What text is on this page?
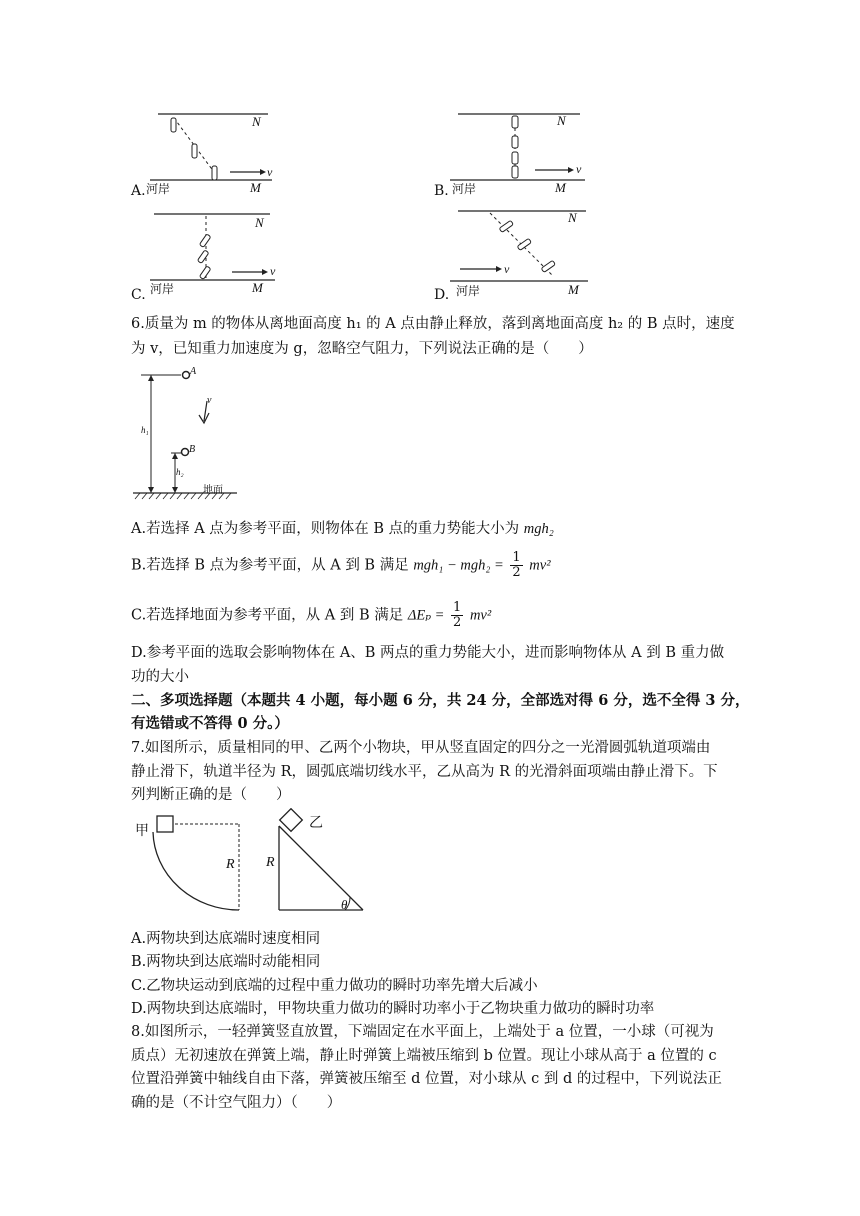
N
v
河岸	M
A.
N
v
河岸	M
B.
N
v
河岸	M
C.
N
v
河岸	M
D.
6.质量为 m 的物体从离地面高度 h₁ 的 A 点由静止释放，落到离地面高度 h₂ 的 B 点时，速度
为 v，已知重力加速度为 g，忽略空气阻力，下列说法正确的是（　　）
A
B
h₁
h₂
v
地面
A.若选择 A 点为参考平面，则物体在 B 点的重力势能大小为 mgh₂
B.若选择 B 点为参考平面，从 A 到 B 满足 $mgh_1 - mgh_2 = \frac{1}{2} mv^2$
C.若选择地面为参考平面，从 A 到 B 满足 $\Delta E_p = \frac{1}{2} mv^2$
D.参考平面的选取会影响物体在 A、B 两点的重力势能大小，进而影响物体从 A 到 B 重力做
功的大小
二、多项选择题（本题共 4 小题，每小题 6 分，共 24 分，全部选对得 6 分，选不全得 3 分，
有选错或不答得 0 分。）
7.如图所示，质量相同的甲、乙两个小物块，甲从竖直固定的四分之一光滑圆弧轨道项端由
静止滑下，轨道半径为 R，圆弧底端切线水平，乙从高为 R 的光滑斜面项端由静止滑下。下
列判断正确的是（　　）
甲	乙
R R
θ
A.两物块到达底端时速度相同
B.两物块到达底端时动能相同
C.乙物块运动到底端的过程中重力做功的瞬时功率先增大后减小
D.两物块到达底端时，甲物块重力做功的瞬时功率小于乙物块重力做功的瞬时功率
8.如图所示，一轻弹簧竖直放置，下端固定在水平面上，上端处于 a 位置，一小球（可视为
质点）无初速放在弹簧上端，静止时弹簧上端被压缩到 b 位置。现让小球从高于 a 位置的 c
位置沿弹簧中轴线自由下落，弹簧被压缩至 d 位置，对小球从 c 到 d 的过程中，下列说法正
确的是（不计空气阻力）（　　）
